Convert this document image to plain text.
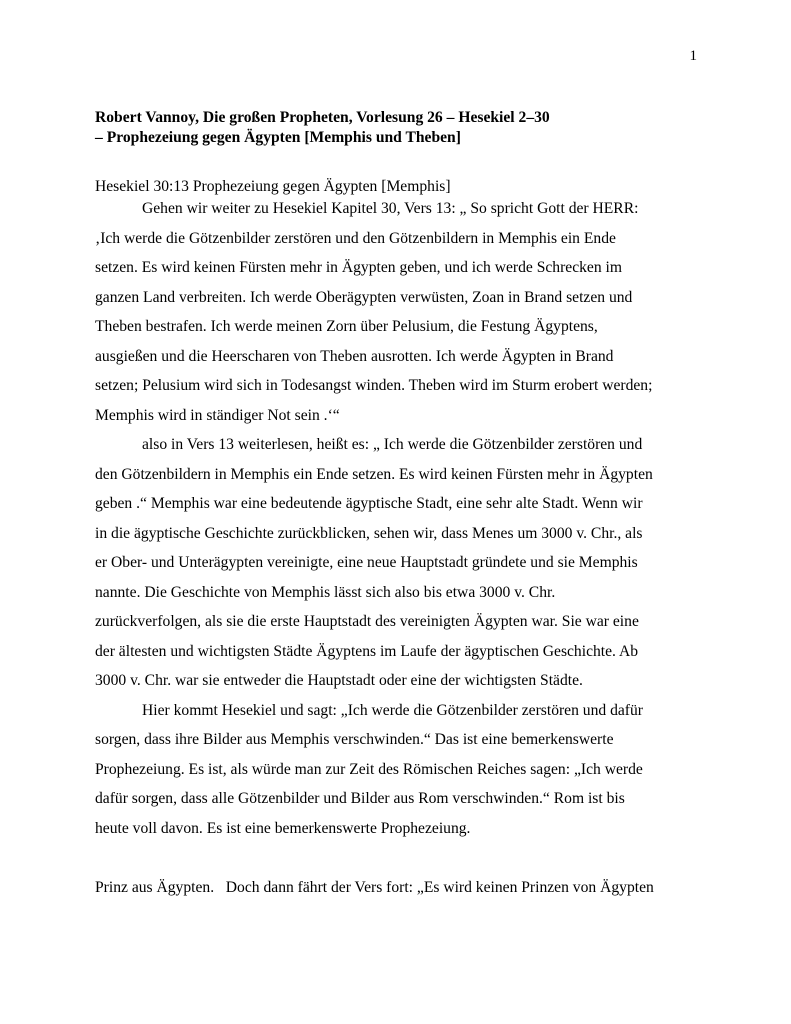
1
Robert Vannoy, Die großen Propheten, Vorlesung 26 – Hesekiel 2–30
– Prophezeiung gegen Ägypten [Memphis und Theben]
Hesekiel 30:13 Prophezeiung gegen Ägypten [Memphis]
Gehen wir weiter zu Hesekiel Kapitel 30, Vers 13: „ So spricht Gott der HERR:
‚Ich werde die Götzenbilder zerstören und den Götzenbildern in Memphis ein Ende
setzen. Es wird keinen Fürsten mehr in Ägypten geben, und ich werde Schrecken im
ganzen Land verbreiten. Ich werde Oberägypten verwüsten, Zoan in Brand setzen und
Theben bestrafen. Ich werde meinen Zorn über Pelusium, die Festung Ägyptens,
ausgießen und die Heerscharen von Theben ausrotten. Ich werde Ägypten in Brand
setzen; Pelusium wird sich in Todesangst winden. Theben wird im Sturm erobert werden;
Memphis wird in ständiger Not sein .‘“
also in Vers 13 weiterlesen, heißt es: „ Ich werde die Götzenbilder zerstören und
den Götzenbildern in Memphis ein Ende setzen. Es wird keinen Fürsten mehr in Ägypten
geben .“ Memphis war eine bedeutende ägyptische Stadt, eine sehr alte Stadt. Wenn wir
in die ägyptische Geschichte zurückblicken, sehen wir, dass Menes um 3000 v. Chr., als
er Ober- und Unterägypten vereinigte, eine neue Hauptstadt gründete und sie Memphis
nannte. Die Geschichte von Memphis lässt sich also bis etwa 3000 v. Chr.
zurückverfolgen, als sie die erste Hauptstadt des vereinigten Ägypten war. Sie war eine
der ältesten und wichtigsten Städte Ägyptens im Laufe der ägyptischen Geschichte. Ab
3000 v. Chr. war sie entweder die Hauptstadt oder eine der wichtigsten Städte.
Hier kommt Hesekiel und sagt: „Ich werde die Götzenbilder zerstören und dafür
sorgen, dass ihre Bilder aus Memphis verschwinden.“ Das ist eine bemerkenswerte
Prophezeiung. Es ist, als würde man zur Zeit des Römischen Reiches sagen: „Ich werde
dafür sorgen, dass alle Götzenbilder und Bilder aus Rom verschwinden.“ Rom ist bis
heute voll davon. Es ist eine bemerkenswerte Prophezeiung.
Prinz aus Ägypten.   Doch dann fährt der Vers fort: „Es wird keinen Prinzen von Ägypten
